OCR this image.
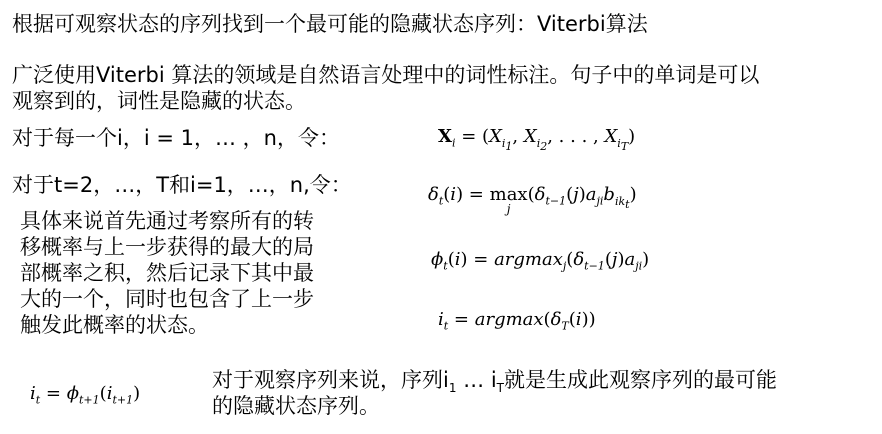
根据可观察状态的序列找到一个最可能的隐藏状态序列：Viterbi算法
广泛使用Viterbi 算法的领域是自然语言处理中的词性标注。句子中的单词是可以
观察到的，词性是隐藏的状态。
对于每一个i，i = 1，… ，n，令：
对于t=2，…，T和i=1，…，n,令：
具体来说首先通过考察所有的转
移概率与上一步获得的最大的局
部概率之积，然后记录下其中最
大的一个，同时也包含了上一步
触发此概率的状态。
$X_i = (X_{i_1}$, $X_{i_2}$, . . . , $X_{i_T}$)
$\delta_t(i) = \max$
j
$(\delta_{t-1}(j)a_{ji}b_{ik_t})$
$\phi_t(i) = argmax_j(\delta_{t-1}(j)a_{ji})$
$i_t = argmax(\delta_T(i))$
$i_t = \phi_{t+1}(i_{t+1})$
对于观察序列来说，序列$i_1$ … $i_T$就是生成此观察序列的最可能
的隐藏状态序列。
